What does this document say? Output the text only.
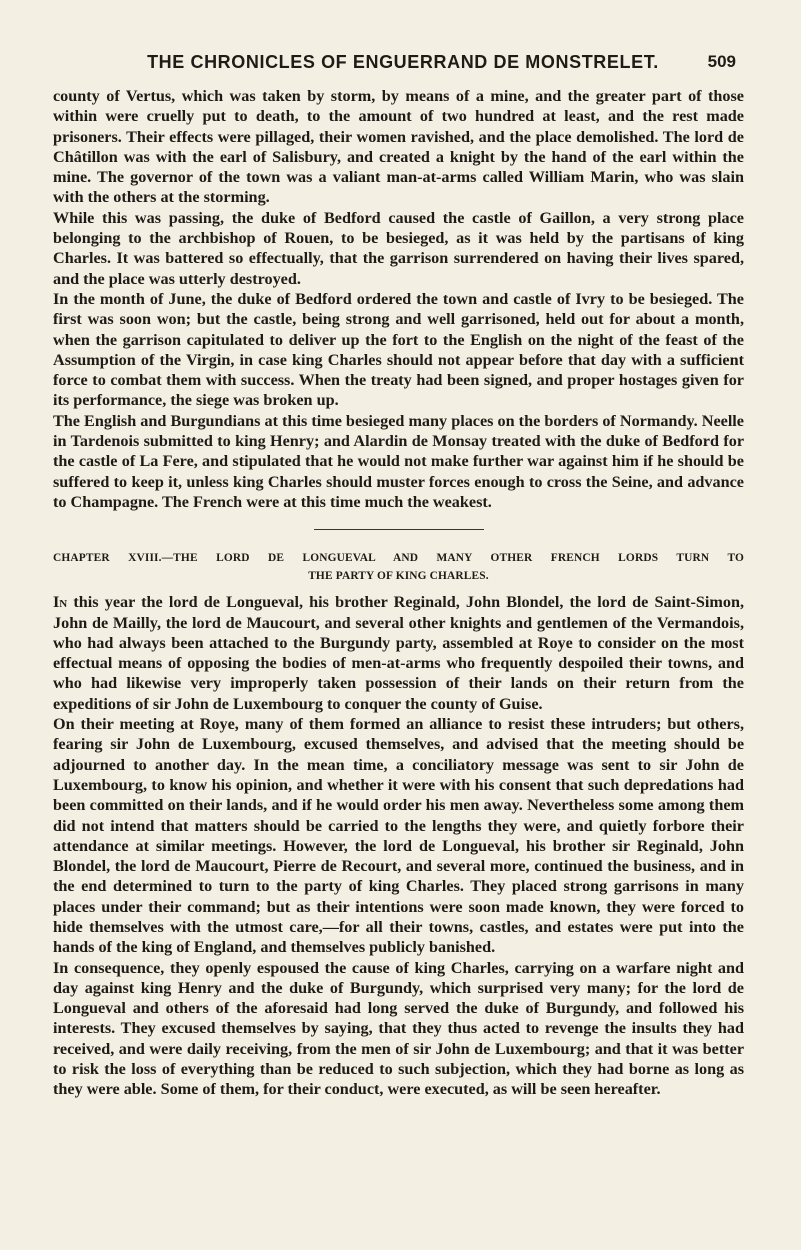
THE CHRONICLES OF ENGUERRAND DE MONSTRELET.	509

county of Vertus, which was taken by storm, by means of a mine, and the greater part of those within were cruelly put to death, to the amount of two hundred at least, and the rest made prisoners. Their effects were pillaged, their women ravished, and the place demolished. The lord de Châtillon was with the earl of Salisbury, and created a knight by the hand of the earl within the mine. The governor of the town was a valiant man-at-arms called William Marin, who was slain with the others at the storming.

While this was passing, the duke of Bedford caused the castle of Gaillon, a very strong place belonging to the archbishop of Rouen, to be besieged, as it was held by the partisans of king Charles. It was battered so effectually, that the garrison surrendered on having their lives spared, and the place was utterly destroyed.

In the month of June, the duke of Bedford ordered the town and castle of Ivry to be besieged. The first was soon won; but the castle, being strong and well garrisoned, held out for about a month, when the garrison capitulated to deliver up the fort to the English on the night of the feast of the Assumption of the Virgin, in case king Charles should not appear before that day with a sufficient force to combat them with success. When the treaty had been signed, and proper hostages given for its performance, the siege was broken up.

The English and Burgundians at this time besieged many places on the borders of Normandy. Neelle in Tardenois submitted to king Henry; and Alardin de Monsay treated with the duke of Bedford for the castle of La Fere, and stipulated that he would not make further war against him if he should be suffered to keep it, unless king Charles should muster forces enough to cross the Seine, and advance to Champagne. The French were at this time much the weakest.

CHAPTER XVIII.—THE LORD DE LONGUEVAL AND MANY OTHER FRENCH LORDS TURN TO
THE PARTY OF KING CHARLES.

In this year the lord de Longueval, his brother Reginald, John Blondel, the lord de Saint-Simon, John de Mailly, the lord de Maucourt, and several other knights and gentlemen of the Vermandois, who had always been attached to the Burgundy party, assembled at Roye to consider on the most effectual means of opposing the bodies of men-at-arms who frequently despoiled their towns, and who had likewise very improperly taken possession of their lands on their return from the expeditions of sir John de Luxembourg to conquer the county of Guise.

On their meeting at Roye, many of them formed an alliance to resist these intruders; but others, fearing sir John de Luxembourg, excused themselves, and advised that the meeting should be adjourned to another day. In the mean time, a conciliatory message was sent to sir John de Luxembourg, to know his opinion, and whether it were with his consent that such depredations had been committed on their lands, and if he would order his men away. Nevertheless some among them did not intend that matters should be carried to the lengths they were, and quietly forbore their attendance at similar meetings. However, the lord de Longueval, his brother sir Reginald, John Blondel, the lord de Maucourt, Pierre de Recourt, and several more, continued the business, and in the end determined to turn to the party of king Charles. They placed strong garrisons in many places under their command; but as their intentions were soon made known, they were forced to hide themselves with the utmost care,—for all their towns, castles, and estates were put into the hands of the king of England, and themselves publicly banished.

In consequence, they openly espoused the cause of king Charles, carrying on a warfare night and day against king Henry and the duke of Burgundy, which surprised very many; for the lord de Longueval and others of the aforesaid had long served the duke of Burgundy, and followed his interests. They excused themselves by saying, that they thus acted to revenge the insults they had received, and were daily receiving, from the men of sir John de Luxembourg; and that it was better to risk the loss of everything than be reduced to such subjection, which they had borne as long as they were able. Some of them, for their conduct, were executed, as will be seen hereafter.
